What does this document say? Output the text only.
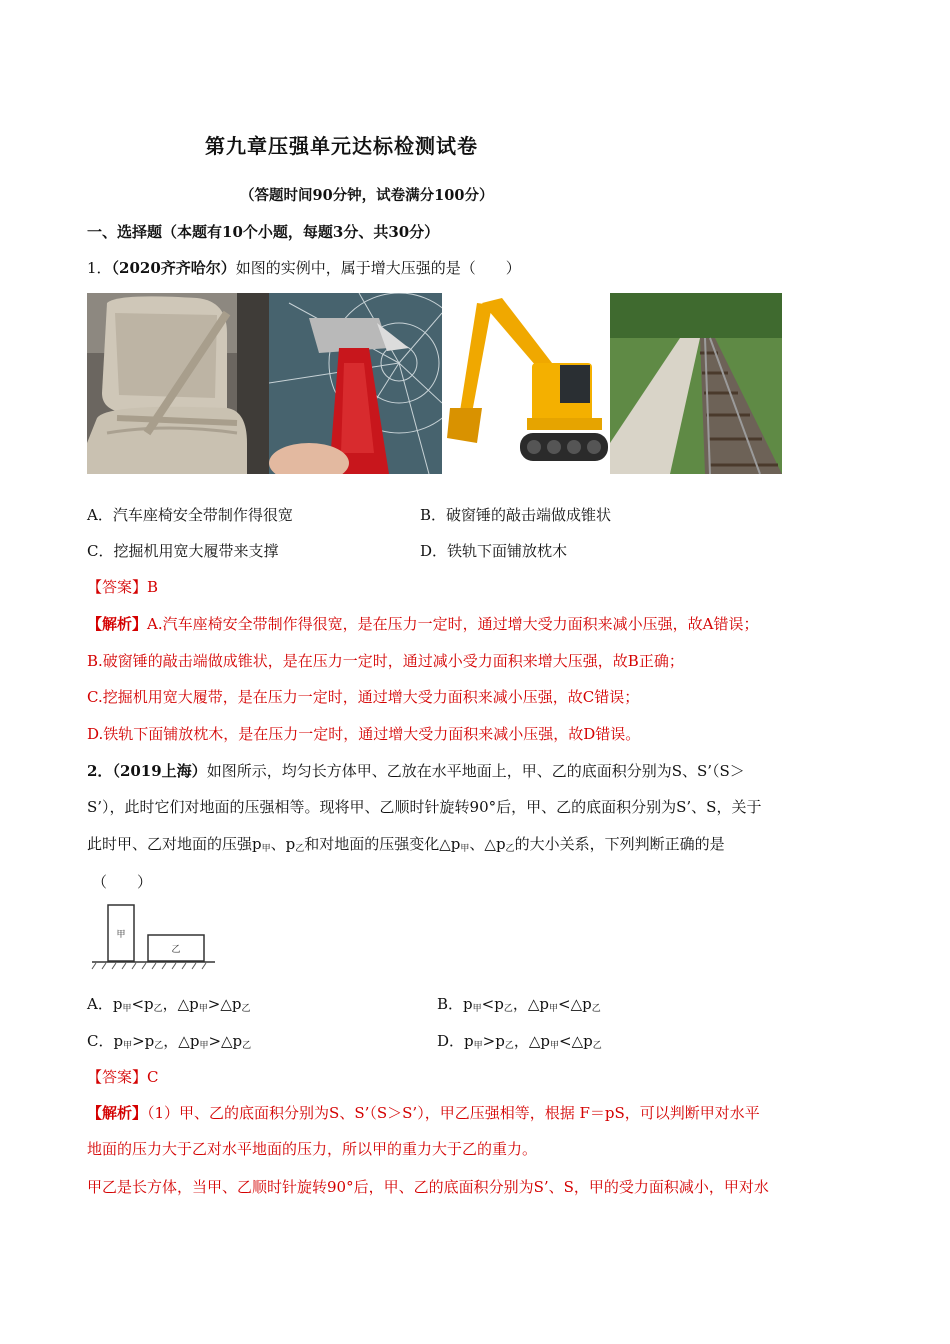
第九章压强单元达标检测试卷
（答题时间90分钟，试卷满分100分）
一、选择题（本题有10个小题，每题3分、共30分）
1．（2020齐齐哈尔）如图的实例中，属于增大压强的是（　　）
A．汽车座椅安全带制作得很宽	B．破窗锤的敲击端做成锥状
C．挖掘机用宽大履带来支撑	D．铁轨下面铺放枕木
【答案】B
【解析】A.汽车座椅安全带制作得很宽，是在压力一定时，通过增大受力面积来减小压强，故A错误；
B.破窗锤的敲击端做成锥状，是在压力一定时，通过减小受力面积来增大压强，故B正确；
C.挖掘机用宽大履带，是在压力一定时，通过增大受力面积来减小压强，故C错误；
D.铁轨下面铺放枕木，是在压力一定时，通过增大受力面积来减小压强，故D错误。
2．（2019上海）如图所示，均匀长方体甲、乙放在水平地面上，甲、乙的底面积分别为S、S’（S＞
S’），此时它们对地面的压强相等。现将甲、乙顺时针旋转90°后，甲、乙的底面积分别为S’、S，关于
此时甲、乙对地面的压强$p_甲$、$p_乙$和对地面的压强变化$\triangle p_甲$、$\triangle p_乙$的大小关系，下列判断正确的是
（　　）
甲
乙
A．$p_甲<p_乙$，$\triangle p_甲>\triangle p_乙$	B．$p_甲<p_乙$，$\triangle p_甲<\triangle p_乙$
C．$p_甲>p_乙$，$\triangle p_甲>\triangle p_乙$	D．$p_甲>p_乙$，$\triangle p_甲<\triangle p_乙$
【答案】C
【解析】（1）甲、乙的底面积分别为S、S’（S＞S’），甲乙压强相等，根据 F＝pS，可以判断甲对水平
地面的压力大于乙对水平地面的压力，所以甲的重力大于乙的重力。
甲乙是长方体，当甲、乙顺时针旋转90°后，甲、乙的底面积分别为S’、S，甲的受力面积减小，甲对水
